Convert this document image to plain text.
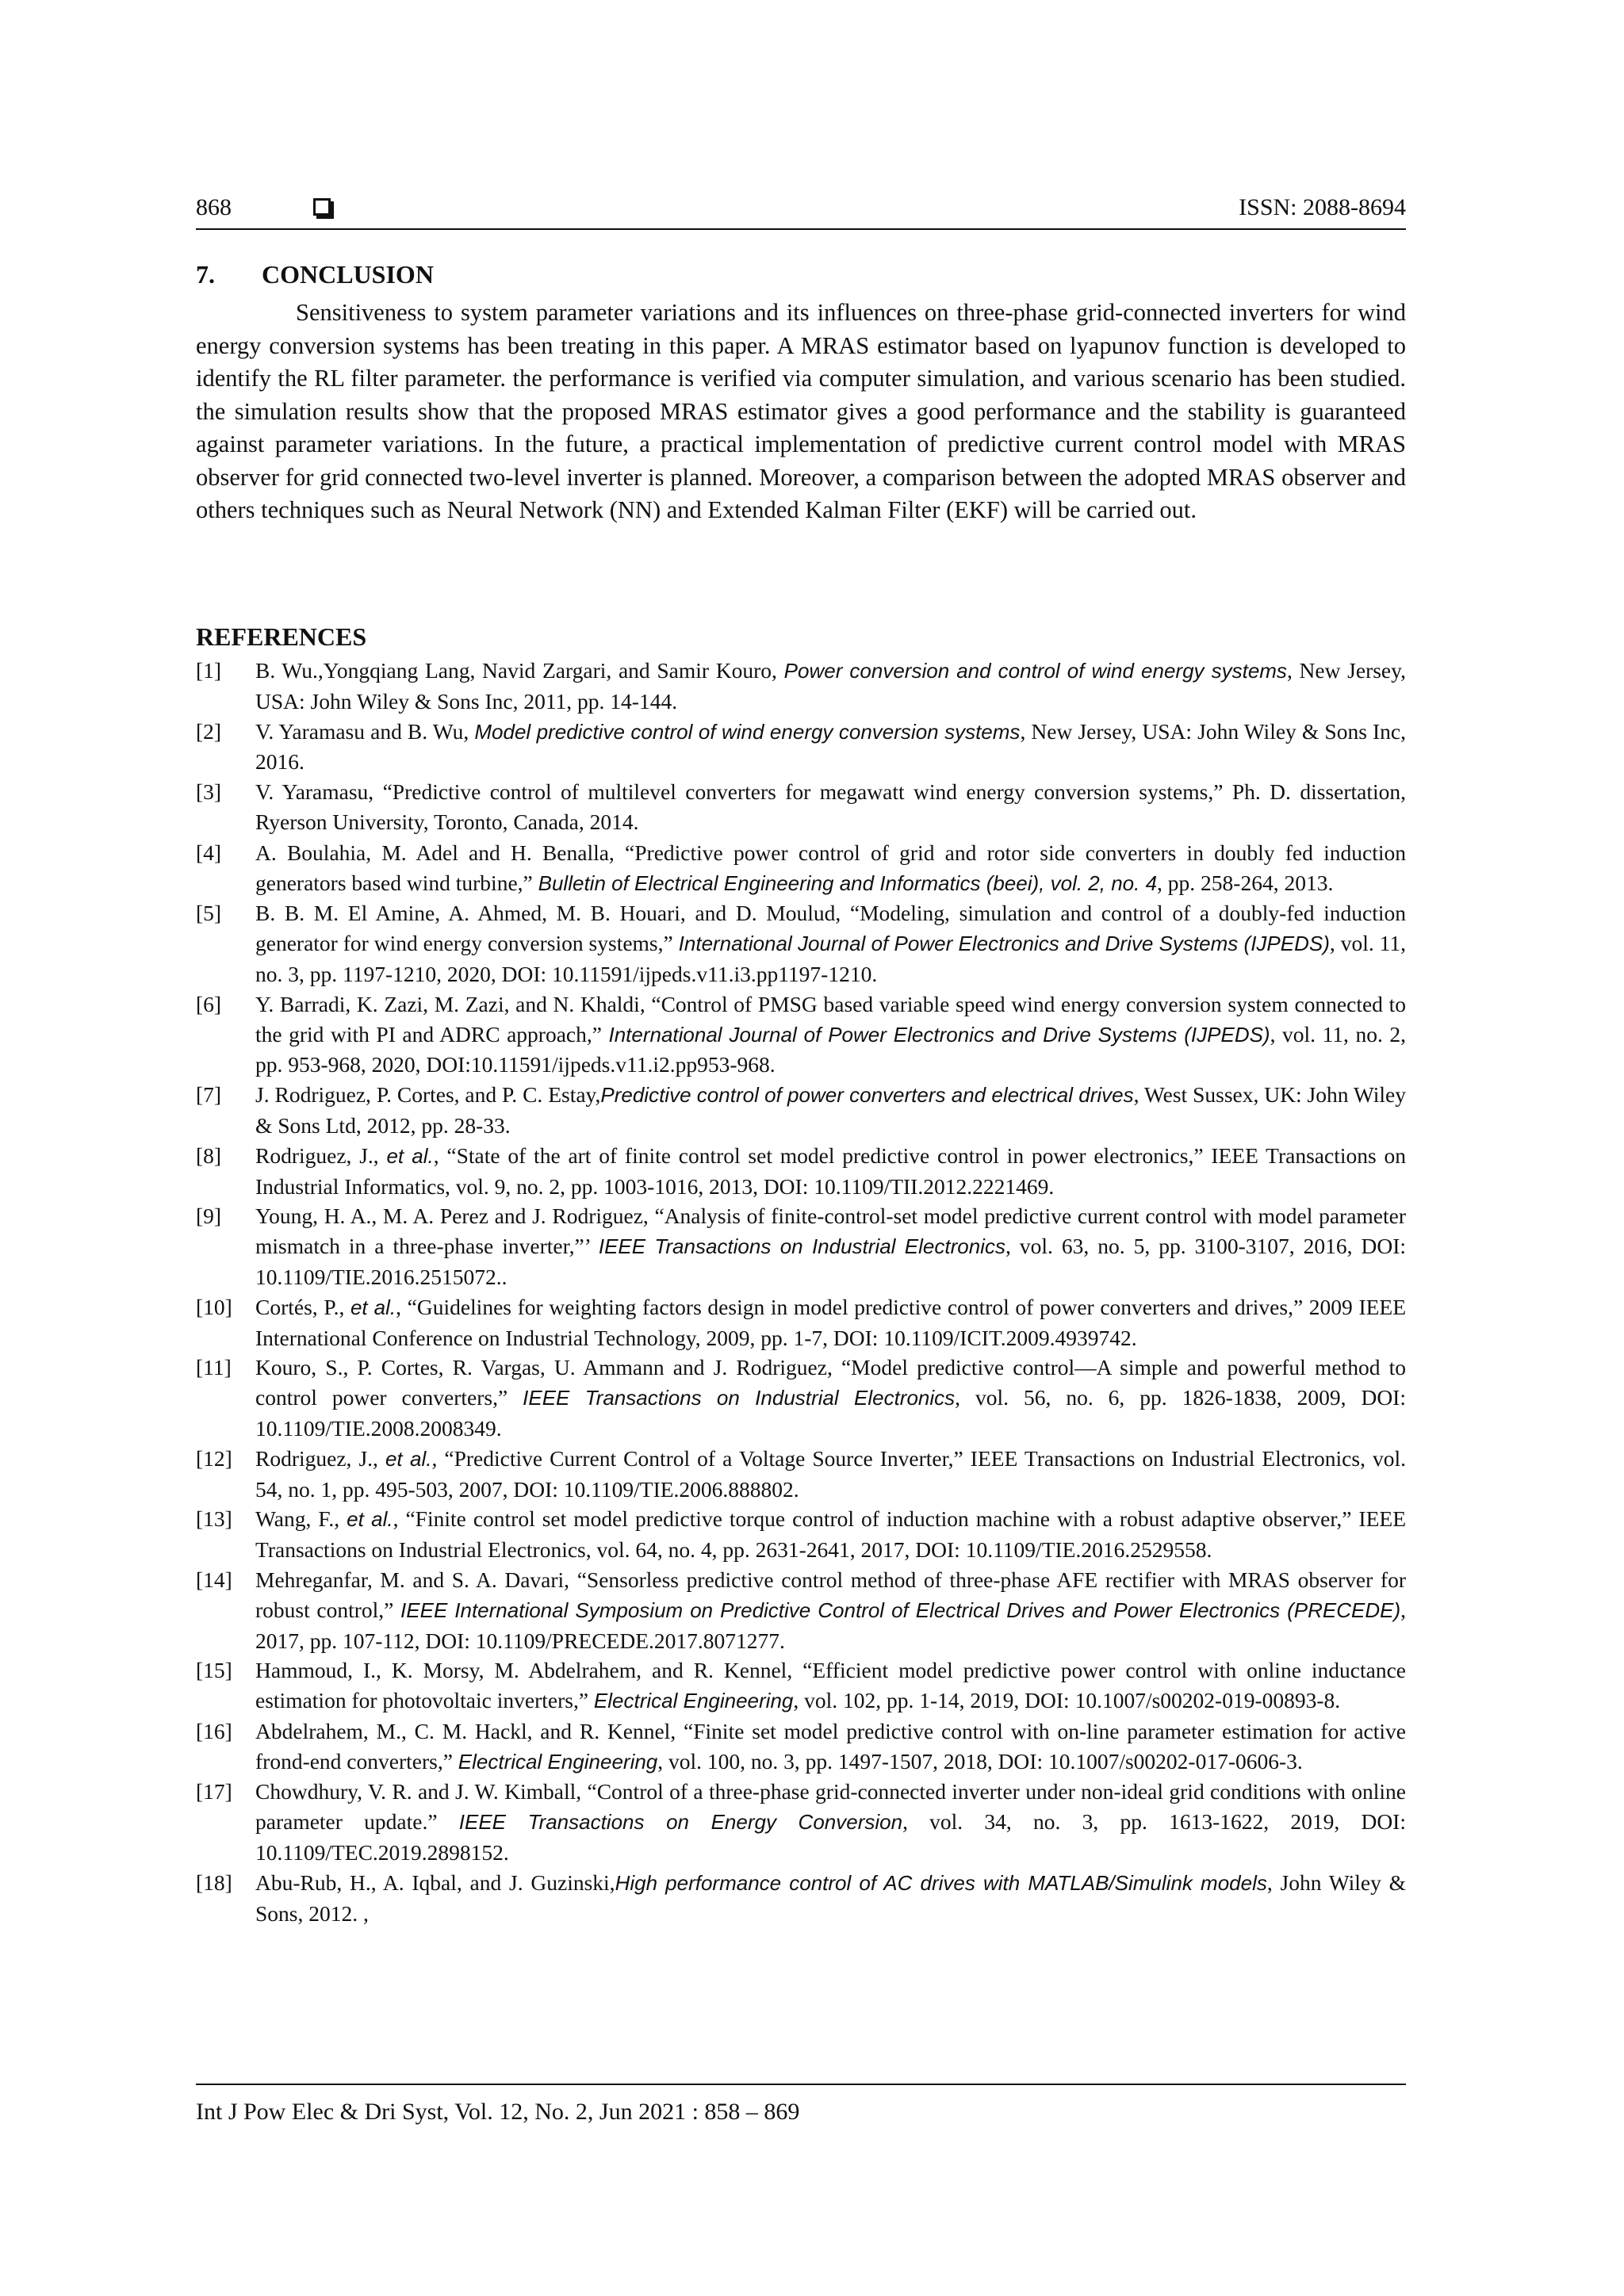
868	ISSN: 2088-8694
7. CONCLUSION

Sensitiveness to system parameter variations and its influences on three-phase grid-connected inverters for wind energy conversion systems has been treating in this paper. A MRAS estimator based on lyapunov function is developed to identify the RL filter parameter. the performance is verified via computer simulation, and various scenario has been studied. the simulation results show that the proposed MRAS estimator gives a good performance and the stability is guaranteed against parameter variations. In the future, a practical implementation of predictive current control model with MRAS observer for grid connected two-level inverter is planned. Moreover, a comparison between the adopted MRAS observer and others techniques such as Neural Network (NN) and Extended Kalman Filter (EKF) will be carried out.

REFERENCES
[1] B. Wu.,Yongqiang Lang, Navid Zargari, and Samir Kouro, Power conversion and control of wind energy systems, New Jersey, USA: John Wiley & Sons Inc, 2011, pp. 14-144.
[2] V. Yaramasu and B. Wu, Model predictive control of wind energy conversion systems, New Jersey, USA: John Wiley & Sons Inc, 2016.
[3] V. Yaramasu, “Predictive control of multilevel converters for megawatt wind energy conversion systems,” Ph. D. dissertation, Ryerson University, Toronto, Canada, 2014.
[4] A. Boulahia, M. Adel and H. Benalla, “Predictive power control of grid and rotor side converters in doubly fed induction generators based wind turbine,” Bulletin of Electrical Engineering and Informatics (beei), vol. 2, no. 4, pp. 258-264, 2013.
[5] B. B. M. El Amine, A. Ahmed, M. B. Houari, and D. Moulud, “Modeling, simulation and control of a doubly-fed induction generator for wind energy conversion systems,” International Journal of Power Electronics and Drive Systems (IJPEDS), vol. 11, no. 3, pp. 1197-1210, 2020, DOI: 10.11591/ijpeds.v11.i3.pp1197-1210.
[6] Y. Barradi, K. Zazi, M. Zazi, and N. Khaldi, “Control of PMSG based variable speed wind energy conversion system connected to the grid with PI and ADRC approach,” International Journal of Power Electronics and Drive Systems (IJPEDS), vol. 11, no. 2, pp. 953-968, 2020, DOI:10.11591/ijpeds.v11.i2.pp953-968.
[7] J. Rodriguez, P. Cortes, and P. C. Estay,Predictive control of power converters and electrical drives, West Sussex, UK: John Wiley & Sons Ltd, 2012, pp. 28-33.
[8] Rodriguez, J., et al., “State of the art of finite control set model predictive control in power electronics,” IEEE Transactions on Industrial Informatics, vol. 9, no. 2, pp. 1003-1016, 2013, DOI: 10.1109/TII.2012.2221469.
[9] Young, H. A., M. A. Perez and J. Rodriguez, “Analysis of finite-control-set model predictive current control with model parameter mismatch in a three-phase inverter,”’ IEEE Transactions on Industrial Electronics, vol. 63, no. 5, pp. 3100-3107, 2016, DOI: 10.1109/TIE.2016.2515072..
[10] Cortés, P., et al., “Guidelines for weighting factors design in model predictive control of power converters and drives,” 2009 IEEE International Conference on Industrial Technology, 2009, pp. 1-7, DOI: 10.1109/ICIT.2009.4939742.
[11] Kouro, S., P. Cortes, R. Vargas, U. Ammann and J. Rodriguez, “Model predictive control—A simple and powerful method to control power converters,” IEEE Transactions on Industrial Electronics, vol. 56, no. 6, pp. 1826-1838, 2009, DOI: 10.1109/TIE.2008.2008349.
[12] Rodriguez, J., et al., “Predictive Current Control of a Voltage Source Inverter,” IEEE Transactions on Industrial Electronics, vol. 54, no. 1, pp. 495-503, 2007, DOI: 10.1109/TIE.2006.888802.
[13] Wang, F., et al., “Finite control set model predictive torque control of induction machine with a robust adaptive observer,” IEEE Transactions on Industrial Electronics, vol. 64, no. 4, pp. 2631-2641, 2017, DOI: 10.1109/TIE.2016.2529558.
[14] Mehreganfar, M. and S. A. Davari, “Sensorless predictive control method of three-phase AFE rectifier with MRAS observer for robust control,” IEEE International Symposium on Predictive Control of Electrical Drives and Power Electronics (PRECEDE), 2017, pp. 107-112, DOI: 10.1109/PRECEDE.2017.8071277.
[15] Hammoud, I., K. Morsy, M. Abdelrahem, and R. Kennel, “Efficient model predictive power control with online inductance estimation for photovoltaic inverters,” Electrical Engineering, vol. 102, pp. 1-14, 2019, DOI: 10.1007/s00202-019-00893-8.
[16] Abdelrahem, M., C. M. Hackl, and R. Kennel, “Finite set model predictive control with on-line parameter estimation for active frond-end converters,” Electrical Engineering, vol. 100, no. 3, pp. 1497-1507, 2018, DOI: 10.1007/s00202-017-0606-3.
[17] Chowdhury, V. R. and J. W. Kimball, “Control of a three-phase grid-connected inverter under non-ideal grid conditions with online parameter update.” IEEE Transactions on Energy Conversion, vol. 34, no. 3, pp. 1613-1622, 2019, DOI: 10.1109/TEC.2019.2898152.
[18] Abu-Rub, H., A. Iqbal, and J. Guzinski,High performance control of AC drives with MATLAB/Simulink models, John Wiley & Sons, 2012. ,
Int J Pow Elec & Dri Syst, Vol. 12, No. 2, Jun 2021 : 858 – 869
